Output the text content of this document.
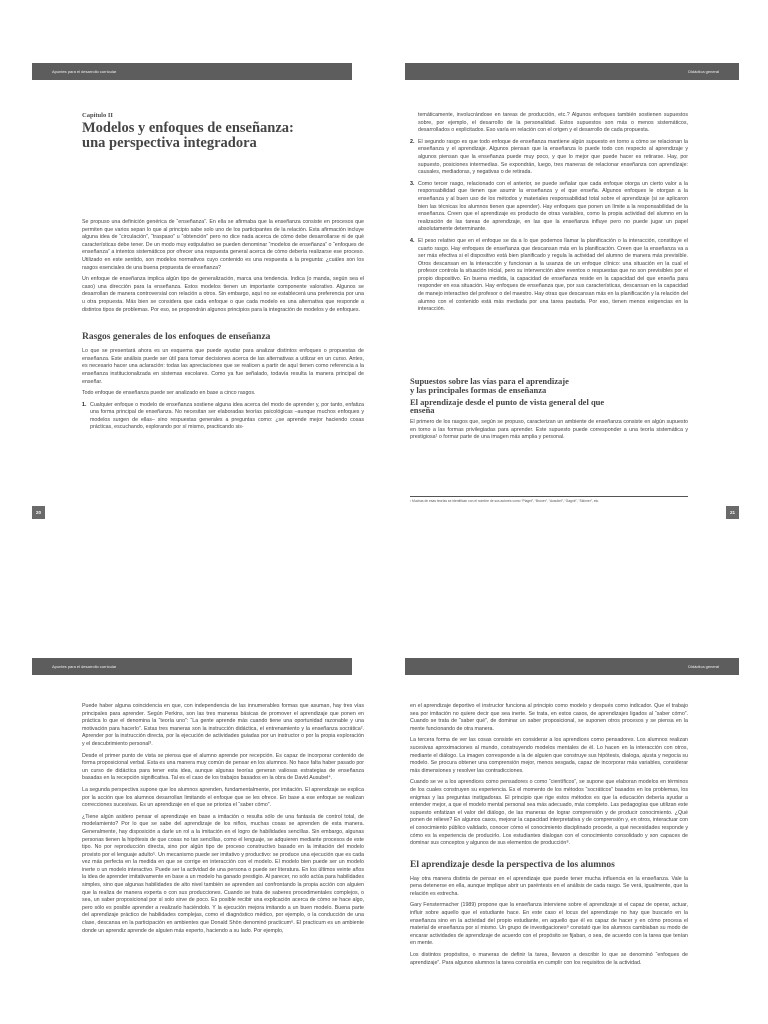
Apuntes para el desarrollo curricular	Didáctica general
Capítulo II
Modelos y enfoques de enseñanza:
una perspectiva integradora

Se propuso una definición genérica de “enseñanza”. En ella se afirmaba que la enseñanza consiste en procesos que permiten que varios sepan lo que al principio sabe solo uno de los participantes de la relación. Esta afirmación incluye alguna idea de “circulación”, “traspaso” u “obtención” pero no dice nada acerca de cómo debe desarrollarse ni de qué características debe tener. De un modo muy estipulativo se pueden denominar “modelos de enseñanza” o “enfoques de enseñanza” a intentos sistemáticos por ofrecer una respuesta general acerca de cómo debería realizarse ese proceso. Utilizado en este sentido, son modelos normativos cuyo contenido es una respuesta a la pregunta: ¿cuáles son los rasgos esenciales de una buena propuesta de enseñanza?

Un enfoque de enseñanza implica algún tipo de generalización, marca una tendencia. Indica (o manda, según sea el caso) una dirección para la enseñanza. Estos modelos tienen un importante componente valorativo. Algunos se desarrollan de manera controversial con relación a otros. Sin embargo, aquí no se establecerá una preferencia por una u otra propuesta. Más bien se considera que cada enfoque o que cada modelo es una alternativa que responde a distintos tipos de problemas. Por eso, se propondrán algunos principios para la integración de modelos y de enfoques.

Rasgos generales de los enfoques de enseñanza

Lo que se presentará ahora es un esquema que puede ayudar para analizar distintos enfoques o propuestas de enseñanza. Este análisis puede ser útil para tomar decisiones acerca de las alternativas a utilizar en un curso. Antes, es necesario hacer una aclaración: todas las apreciaciones que se realicen a partir de aquí tienen como referencia a la enseñanza institucionalizada en sistemas escolares. Como ya fue señalado, todavía resulta la manera principal de enseñar.

Todo enfoque de enseñanza puede ser analizado en base a cinco rasgos.

1. Cualquier enfoque o modelo de enseñanza sostiene alguna idea acerca del modo de aprender y, por tanto, enfatiza una forma principal de enseñanza. No necesitan ser elaboradas teorías psicológicas –aunque muchos enfoques y modelos surgen de ellas– sino respuestas generales a preguntas como: ¿se aprende mejor haciendo cosas prácticas, escuchando, explorando por sí mismo, practicando sis-

temáticamente, involucrándose en tareas de producción, etc.? Algunos enfoques también sostienen supuestos sobre, por ejemplo, el desarrollo de la personalidad. Estos supuestos son más o menos sistemáticos, desarrollados o explicitados. Eso varía en relación con el origen y el desarrollo de cada propuesta.

2. El segundo rasgo es que todo enfoque de enseñanza mantiene algún supuesto en torno a cómo se relacionan la enseñanza y el aprendizaje. Algunos piensan que la enseñanza lo puede todo con respecto al aprendizaje y algunos piensan que la enseñanza puede muy poco, y que lo mejor que puede hacer es retirarse. Hay, por supuesto, posiciones intermedias. Se expondrán, luego, tres maneras de relacionar enseñanza con aprendizaje: causales, mediadoras, y negativas o de retirada.
3. Como tercer rasgo, relacionado con el anterior, se puede señalar que cada enfoque otorga un cierto valor a la responsabilidad que tienen que asumir la enseñanza y el que enseña. Algunos enfoques le otorgan a la enseñanza y al buen uso de los métodos y materiales responsabilidad total sobre el aprendizaje (si se aplicaron bien las técnicas los alumnos tienen que aprender). Hay enfoques que ponen un límite a la responsabilidad de la enseñanza. Creen que el aprendizaje es producto de otras variables, como la propia actividad del alumno en la realización de las tareas de aprendizaje, en las que la enseñanza influye pero no puede jugar un papel absolutamente determinante.
4. El peso relativo que en el enfoque se da a lo que podemos llamar la planificación o la interacción, constituye el cuarto rasgo. Hay enfoques de enseñanza que descansan más en la planificación. Creen que la enseñanza va a ser más efectiva si el dispositivo está bien planificado y regula la actividad del alumno de manera más previsible. Otros descansan en la interacción y funcionan a la usanza de un enfoque clínico: una situación en la cual el profesor controla la situación inicial, pero su intervención abre eventos o respuestas que no son previsibles por el propio dispositivo. En buena medida, la capacidad de enseñanza reside en la capacidad del que enseña para responder en esa situación. Hay enfoques de enseñanza que, por sus características, descansan en la capacidad de manejo interactivo del profesor o del maestro. Hay otras que descansan más en la planificación y la relación del alumno con el contenido está más mediada por una tarea pautada. Por eso, tienen menos exigencias en la interacción.
Supuestos sobre las vías para el aprendizaje
y las principales formas de enseñanza
El aprendizaje desde el punto de vista general del que
enseña

El primero de los rasgos que, según se propuso, caracterizan un ambiente de enseñanza consiste en algún supuesto en torno a las formas privilegiadas para aprender. Este supuesto puede corresponder a una teoría sistemática y prestigiosa¹ o formar parte de una imagen más amplia y personal.

¹ Muchas de esas teorías se identifican con el nombre de sus autores como “Piaget”, “Bruner”, “Ausubel”, “Gagné”, “Skinner”, etc.
20	21
Apuntes para el desarrollo curricular	Didáctica general

Puede haber alguna coincidencia en que, con independencia de las innumerables formas que asuman, hay tres vías principales para aprender. Según Perkins, son las tres maneras básicas de promover el aprendizaje que ponen en práctica lo que el denomina la “teoría uno”: “La gente aprende más cuando tiene una oportunidad razonable y una motivación para hacerlo”. Estas tres maneras son la instrucción didáctica, el entrenamiento y la enseñanza socrática². Aprender por la instrucción directa, por la ejecución de actividades guiadas por un instructor o por la propia exploración y el descubrimiento personal³.

Desde el primer punto de vista se piensa que el alumno aprende por recepción. Es capaz de incorporar contenido de forma proposicional verbal. Esta es una manera muy común de pensar en los alumnos. No hace falta haber pasado por un curso de didáctica para tener esta idea, aunque algunas teorías generan valiosas estrategias de enseñanza basadas en la recepción significativa. Tal es el caso de los trabajos basados en la obra de David Ausubel⁴.

La segunda perspectiva supone que los alumnos aprenden, fundamentalmente, por imitación. El aprendizaje se explica por la acción que los alumnos desarrollan limitando el enfoque que se les ofrece. En base a ese enfoque se realizan correcciones sucesivas. Es un aprendizaje en el que se prioriza el “saber cómo”.

¿Tiene algún asidero pensar el aprendizaje en base a imitación o resulta sólo de una fantasía de control total, de modelamiento? Por lo que se sabe del aprendizaje de los niños, muchas cosas se aprenden de esta manera. Generalmente, hay disposición a darle un rol a la imitación en el logro de habilidades sencillas. Sin embargo, algunas personas tienen la hipótesis de que cosas no tan sencillas, como el lenguaje, se adquieren mediante procesos de este tipo. No por reproducción directa, sino por algún tipo de proceso constructivo basado en la imitación del modelo provisto por el lenguaje adulto⁵. Un mecanismo puede ser imitativo y productivo: se produce una ejecución que es cada vez más perfecta en la medida en que se corrige en interacción con el modelo. El modelo bien puede ser un modelo inerte o un modelo interactivo. Puede ser la actividad de una persona o puede ser literatura. En los últimos veinte años la idea de aprender imitativamente en base a un modelo ha ganado prestigio. Al parecer, no sólo actúa para habilidades simples, sino que algunas habilidades de alto nivel también se aprenden así confrontando la propia acción con alguien que la realiza de manera experta o con sus producciones. Cuando se trata de saberes procedimentales complejos, o sea, un saber proposicional por sí solo sirve de poco. Es posible recibir una explicación acerca de cómo se hace algo, pero sólo es posible aprender a realizarlo haciéndolo. Y la ejecución mejora imitando a un buen modelo. Buena parte del aprendizaje práctico de habilidades complejas, como el diagnóstico médico, por ejemplo, o la conducción de una clase, descansa en la participación en ambientes que Donald Shön denominó practicum⁶. El practicum es un ambiente donde un aprendiz aprende de alguien más experto, haciendo a su lado. Por ejemplo,

en el aprendizaje deportivo el instructor funciona al principio como modelo y después como indicador. Que el trabajo sea por imitación no quiere decir que sea inerte. Se trata, en estos casos, de aprendizajes ligados al “saber cómo”. Cuando se trata de “saber qué”, de dominar un saber proposicional, se suponen otros procesos y se piensa en la mente funcionando de otra manera.

La tercera forma de ver las cosas consiste en considerar a los aprendices como pensadores. Los alumnos realizan sucesivas aproximaciones al mundo, construyendo modelos mentales de él. Lo hacen en la interacción con otros, mediante el diálogo. La imagen corresponde a la de alguien que construye sus hipótesis, dialoga, ajusta y negocia su modelo. Se procura obtener una comprensión mejor, menos sesgada, capaz de incorporar más variables, considerar más dimensiones y resolver las contradicciones.

Cuando se ve a los aprendices como pensadores o como “científicos”, se supone que elaboran modelos en términos de los cuales construyen su experiencia. Es el momento de los métodos “socráticos” basados en los problemas, los enigmas y las preguntas instigadoras. El principio que rige estos métodos es que la educación debería ayudar a entender mejor, a que el modelo mental personal sea más adecuado, más completo. Las pedagogías que utilizan este supuesto enfatizan el valor del diálogo, de las maneras de lograr comprensión y de producir conocimiento. ¿Qué ponen de relieve? En algunos casos, mejorar la capacidad interpretativa y de comprensión y, en otros, interactuar con el conocimiento público validado, conocer cómo el conocimiento disciplinado procede, a qué necesidades responde y cómo es la experiencia de producirlo. Los estudiantes dialogan con el conocimiento consolidado y son capaces de dominar sus conceptos y algunos de sus elementos de producción⁸.

El aprendizaje desde la perspectiva de los alumnos

Hay otra manera distinta de pensar en el aprendizaje que puede tener mucha influencia en la enseñanza. Vale la pena detenerse en ella, aunque implique abrir un paréntesis en el análisis de cada rasgo. Se verá, igualmente, que la relación es estrecha.

Gary Fenstermacher (1989) propone que la enseñanza interviene sobre el aprendizaje si el capaz de operar, actuar, influir sobre aquello que el estudiante hace. En este caso el locus del aprendizaje no hay que buscarlo en la enseñanza sino en la actividad del propio estudiante, en aquello que él es capaz de hacer y en cómo procesa el material de enseñanza por sí mismo. Un grupo de investigaciones⁹ constató que los alumnos cambiaban su modo de encarar actividades de aprendizaje de acuerdo con el propósito se fijaban, o sea, de acuerdo con la tarea que tenían en mente.

Los distintos propósitos, o maneras de definir la tarea, llevaron a describir lo que se denominó “enfoques de aprendizaje”. Para algunos alumnos la tarea consistía en cumplir con los requisitos de la actividad.
